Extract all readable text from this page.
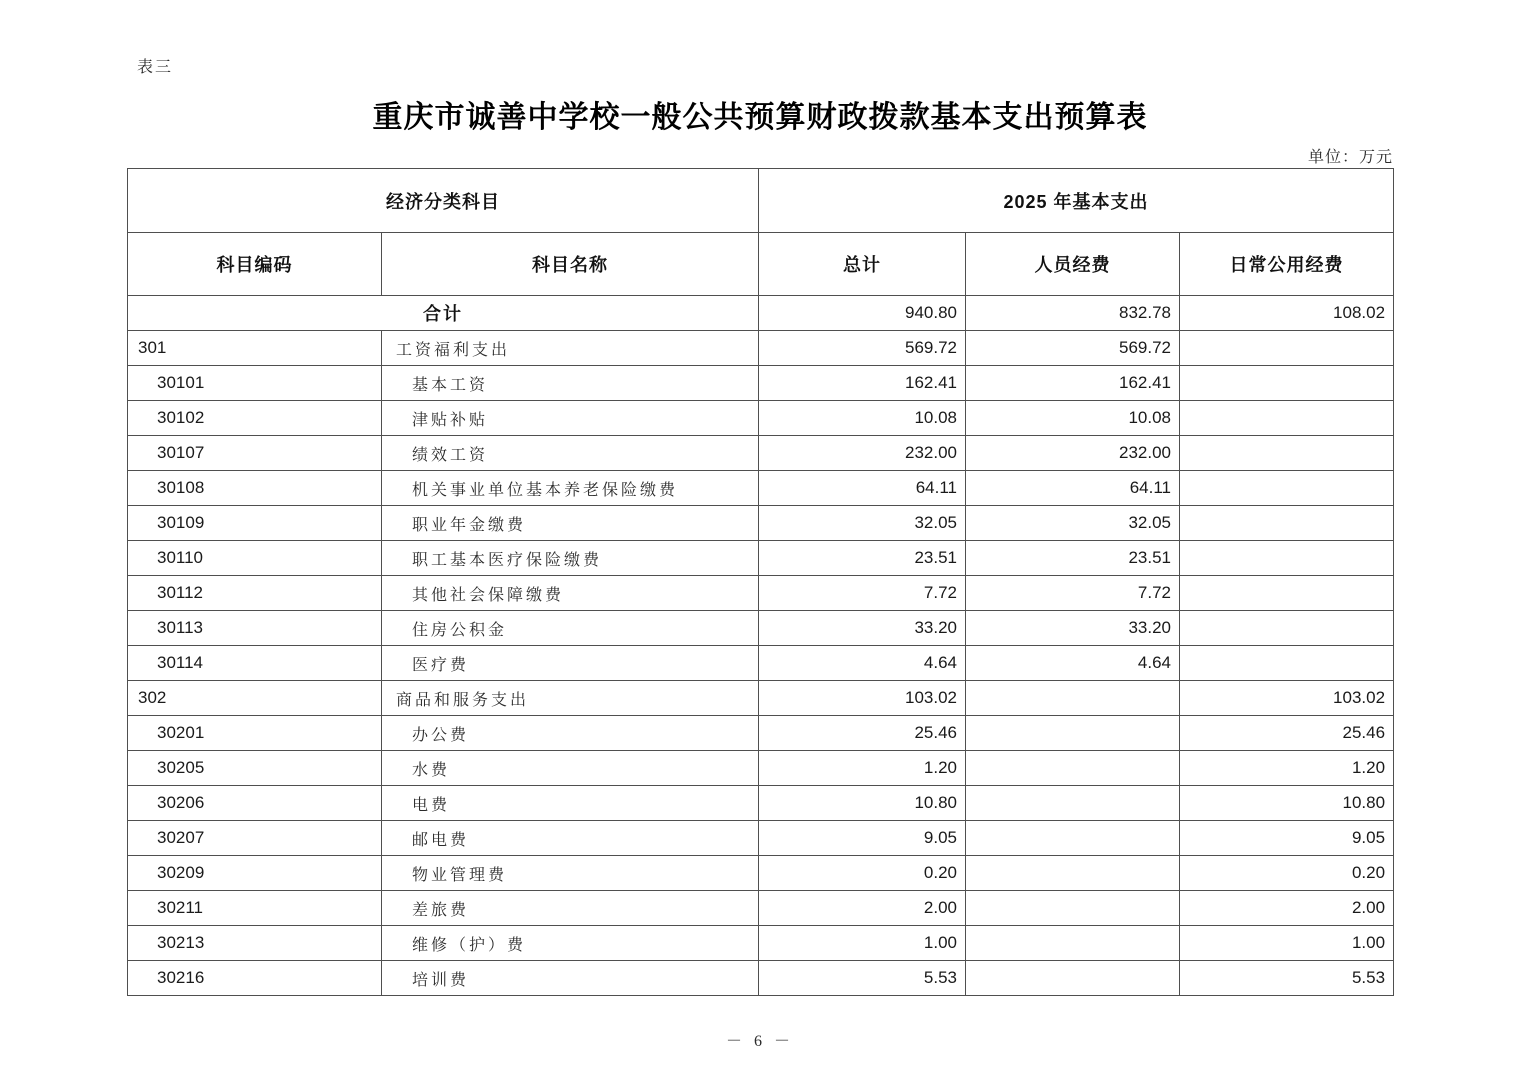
表三
重庆市诚善中学校一般公共预算财政拨款基本支出预算表
单位：万元
经济分类科目		2025 年基本支出		
科目编码	科目名称	总计	人员经费	日常公用经费
合计		940.80	832.78	108.02
301	工资福利支出	569.72	569.72	
30101	基本工资	162.41	162.41	
30102	津贴补贴	10.08	10.08	
30107	绩效工资	232.00	232.00	
30108	机关事业单位基本养老保险缴费	64.11	64.11	
30109	职业年金缴费	32.05	32.05	
30110	职工基本医疗保险缴费	23.51	23.51	
30112	其他社会保障缴费	7.72	7.72	
30113	住房公积金	33.20	33.20	
30114	医疗费	4.64	4.64	
302	商品和服务支出	103.02		103.02
30201	办公费	25.46		25.46
30205	水费	1.20		1.20
30206	电费	10.80		10.80
30207	邮电费	9.05		9.05
30209	物业管理费	0.20		0.20
30211	差旅费	2.00		2.00
30213	维修（护）费	1.00		1.00
30216	培训费	5.53		5.53
－ 6 －
